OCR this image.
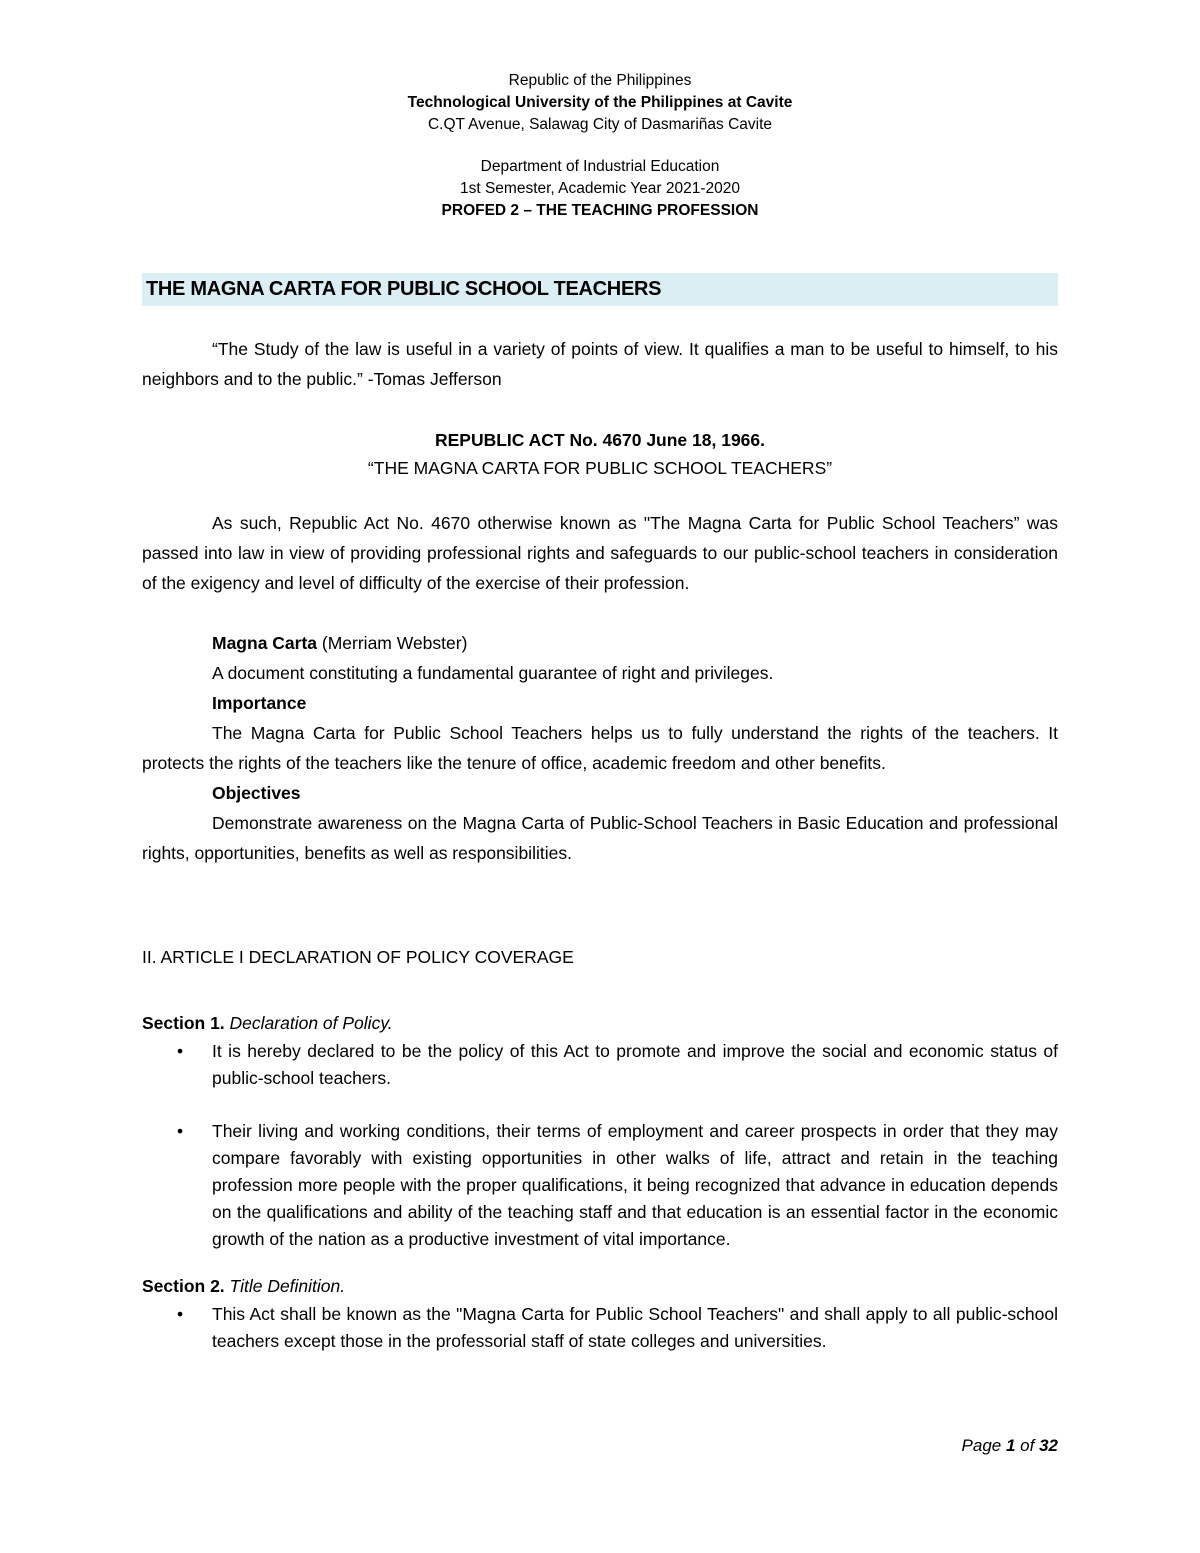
Republic of the Philippines

Technological University of the Philippines at Cavite

C.QT Avenue, Salawag City of Dasmariñas Cavite

Department of Industrial Education

1st Semester, Academic Year 2021-2020

PROFED 2 – THE TEACHING PROFESSION

THE MAGNA CARTA FOR PUBLIC SCHOOL TEACHERS

“The Study of the law is useful in a variety of points of view. It qualifies a man to be useful to himself, to his neighbors and to the public.” -Tomas Jefferson

REPUBLIC ACT No. 4670 June 18, 1966.
“THE MAGNA CARTA FOR PUBLIC SCHOOL TEACHERS”

As such, Republic Act No. 4670 otherwise known as "The Magna Carta for Public School Teachers” was passed into law in view of providing professional rights and safeguards to our public-school teachers in consideration of the exigency and level of difficulty of the exercise of their profession.

Magna Carta (Merriam Webster)

A document constituting a fundamental guarantee of right and privileges.

Importance

The Magna Carta for Public School Teachers helps us to fully understand the rights of the teachers. It protects the rights of the teachers like the tenure of office, academic freedom and other benefits.

Objectives

Demonstrate awareness on the Magna Carta of Public-School Teachers in Basic Education and professional rights, opportunities, benefits as well as responsibilities.

II. ARTICLE I DECLARATION OF POLICY COVERAGE

Section 1. Declaration of Policy.

• It is hereby declared to be the policy of this Act to promote and improve the social and economic status of public-school teachers.
• Their living and working conditions, their terms of employment and career prospects in order that they may compare favorably with existing opportunities in other walks of life, attract and retain in the teaching profession more people with the proper qualifications, it being recognized that advance in education depends on the qualifications and ability of the teaching staff and that education is an essential factor in the economic growth of the nation as a productive investment of vital importance.

Section 2. Title Definition.

• This Act shall be known as the "Magna Carta for Public School Teachers" and shall apply to all public-school teachers except those in the professorial staff of state colleges and universities.
Page 1 of 32
